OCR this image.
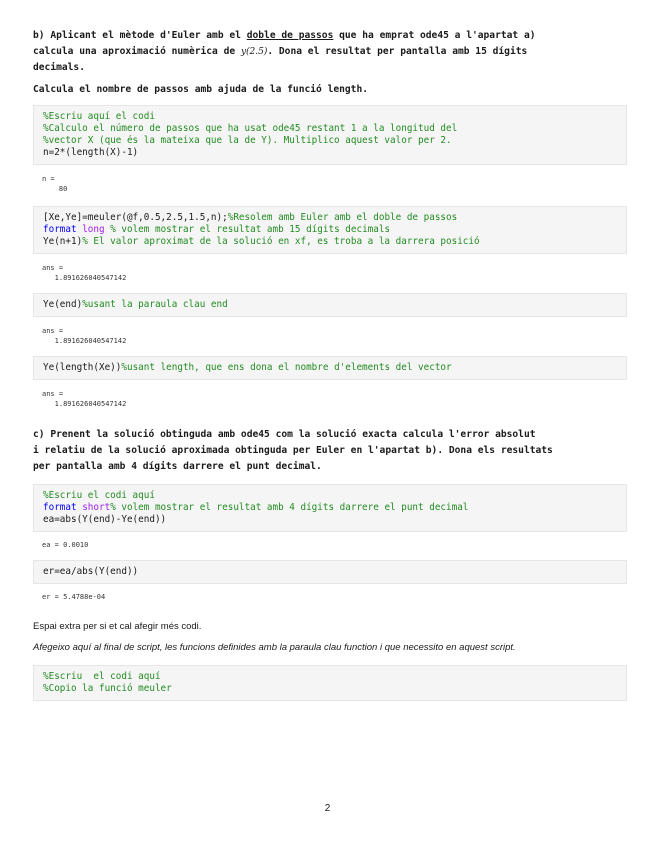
b) Aplicant el mètode d'Euler amb el doble de passos que ha emprat ode45 a l'apartat a)

calcula una aproximació numèrica de y(2.5). Dona el resultat per pantalla amb 15 dígits

decimals.

Calcula el nombre de passos amb ajuda de la funció length.

%Escriu aquí el codi
%Calculo el número de passos que ha usat ode45 restant 1 a la longitud del
%vector X (que és la mateixa que la de Y). Multiplico aquest valor per 2.
n=2*(length(X)-1)
n =
80
[Xe,Ye]=meuler(@f,0.5,2.5,1.5,n);%Resolem amb Euler amb el doble de passos
format long % volem mostrar el resultat amb 15 dígits decimals
Ye(n+1)% El valor aproximat de la solució en xf, es troba a la darrera posició
ans =
1.891626040547142
Ye(end)%usant la paraula clau end
ans =
1.891626040547142
Ye(length(Xe))%usant length, que ens dona el nombre d'elements del vector
ans =
1.891626040547142

c) Prenent la solució obtinguda amb ode45 com la solució exacta calcula l'error absolut

i relatiu de la solució aproximada obtinguda per Euler en l'apartat b). Dona els resultats

per pantalla amb 4 dígits darrere el punt decimal.

%Escriu el codi aquí
format short% volem mostrar el resultat amb 4 dígits darrere el punt decimal
ea=abs(Y(end)-Ye(end))
ea = 0.0010
er=ea/abs(Y(end))
er = 5.4788e-04

Espai extra per si et cal afegir més codi.

Afegeixo aquí al final de script, les funcions definides amb la paraula clau function i que necessito en aquest script.

%Escriu  el codi aquí
%Copio la funció meuler
2
